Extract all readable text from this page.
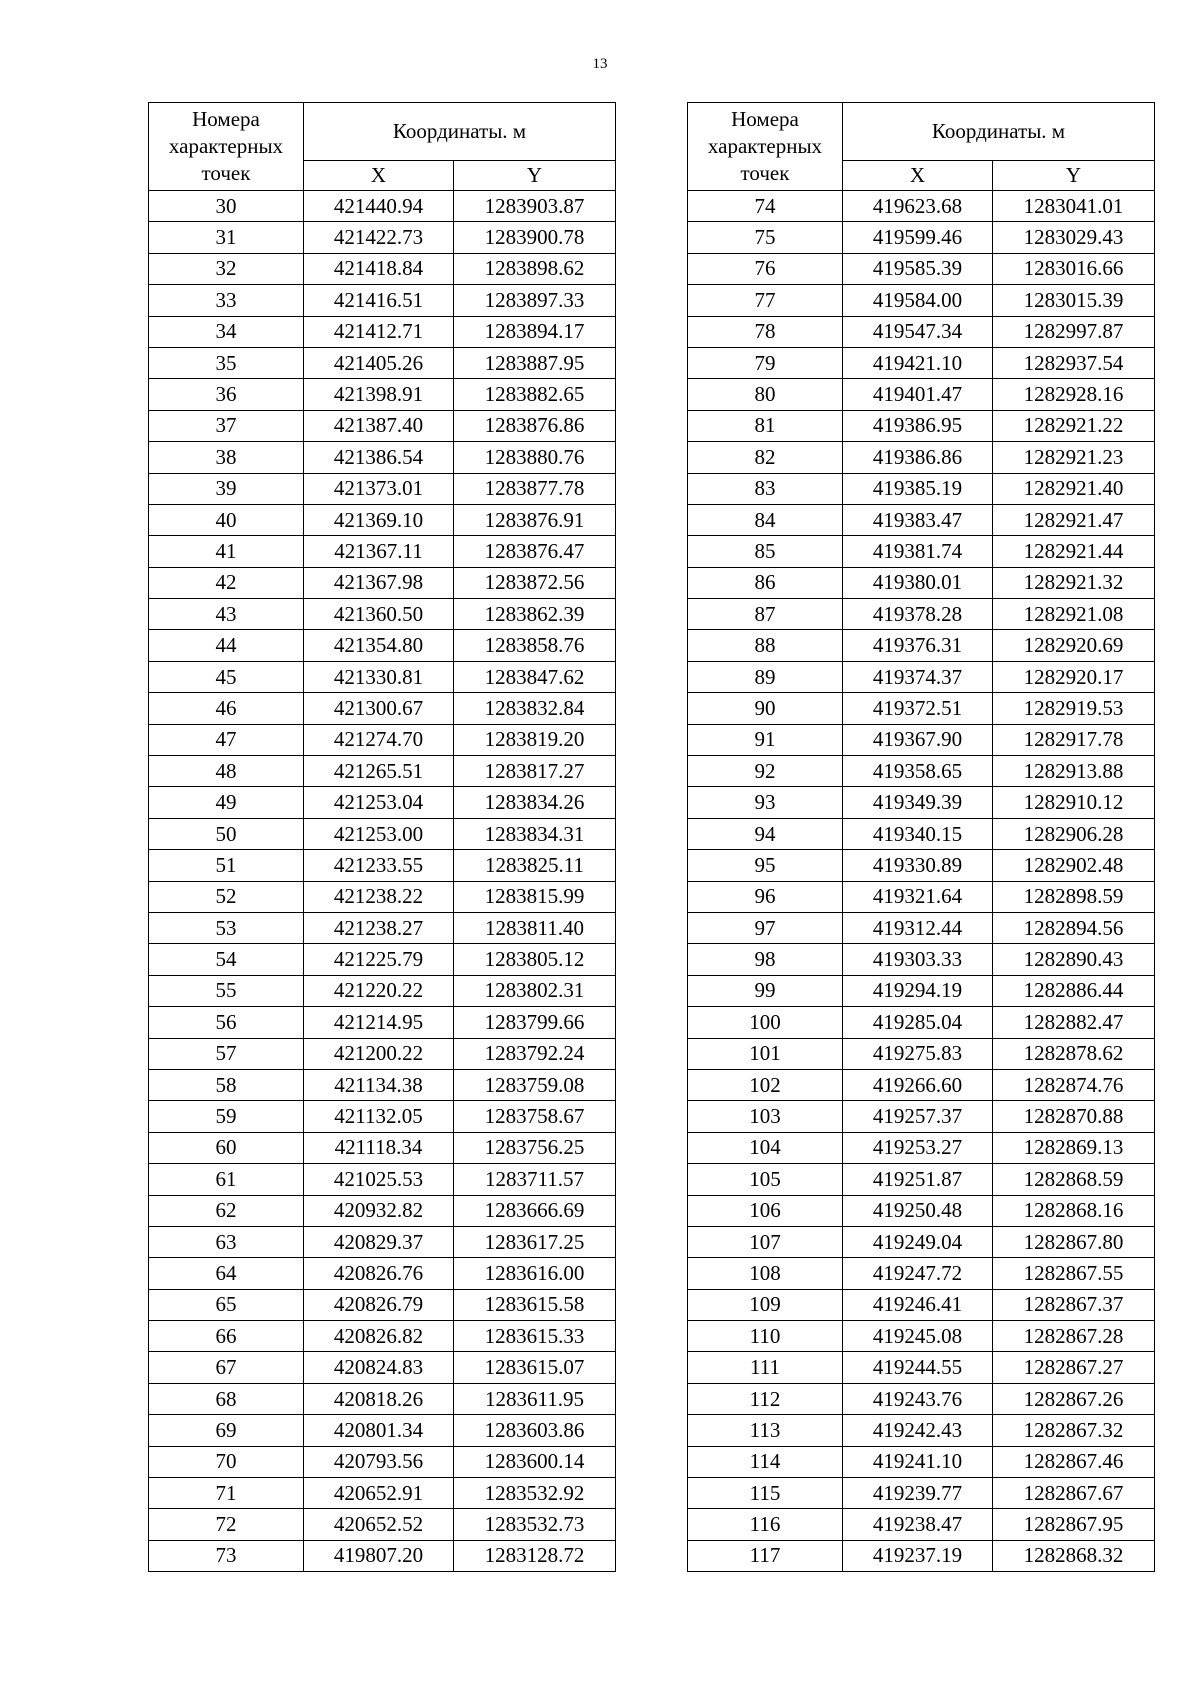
13
Номера характерных точек	Координаты. м	
	X	Y
30	421440.94	1283903.87
31	421422.73	1283900.78
32	421418.84	1283898.62
33	421416.51	1283897.33
34	421412.71	1283894.17
35	421405.26	1283887.95
36	421398.91	1283882.65
37	421387.40	1283876.86
38	421386.54	1283880.76
39	421373.01	1283877.78
40	421369.10	1283876.91
41	421367.11	1283876.47
42	421367.98	1283872.56
43	421360.50	1283862.39
44	421354.80	1283858.76
45	421330.81	1283847.62
46	421300.67	1283832.84
47	421274.70	1283819.20
48	421265.51	1283817.27
49	421253.04	1283834.26
50	421253.00	1283834.31
51	421233.55	1283825.11
52	421238.22	1283815.99
53	421238.27	1283811.40
54	421225.79	1283805.12
55	421220.22	1283802.31
56	421214.95	1283799.66
57	421200.22	1283792.24
58	421134.38	1283759.08
59	421132.05	1283758.67
60	421118.34	1283756.25
61	421025.53	1283711.57
62	420932.82	1283666.69
63	420829.37	1283617.25
64	420826.76	1283616.00
65	420826.79	1283615.58
66	420826.82	1283615.33
67	420824.83	1283615.07
68	420818.26	1283611.95
69	420801.34	1283603.86
70	420793.56	1283600.14
71	420652.91	1283532.92
72	420652.52	1283532.73
73	419807.20	1283128.72
Номера характерных точек	Координаты. м	
	X	Y
74	419623.68	1283041.01
75	419599.46	1283029.43
76	419585.39	1283016.66
77	419584.00	1283015.39
78	419547.34	1282997.87
79	419421.10	1282937.54
80	419401.47	1282928.16
81	419386.95	1282921.22
82	419386.86	1282921.23
83	419385.19	1282921.40
84	419383.47	1282921.47
85	419381.74	1282921.44
86	419380.01	1282921.32
87	419378.28	1282921.08
88	419376.31	1282920.69
89	419374.37	1282920.17
90	419372.51	1282919.53
91	419367.90	1282917.78
92	419358.65	1282913.88
93	419349.39	1282910.12
94	419340.15	1282906.28
95	419330.89	1282902.48
96	419321.64	1282898.59
97	419312.44	1282894.56
98	419303.33	1282890.43
99	419294.19	1282886.44
100	419285.04	1282882.47
101	419275.83	1282878.62
102	419266.60	1282874.76
103	419257.37	1282870.88
104	419253.27	1282869.13
105	419251.87	1282868.59
106	419250.48	1282868.16
107	419249.04	1282867.80
108	419247.72	1282867.55
109	419246.41	1282867.37
110	419245.08	1282867.28
111	419244.55	1282867.27
112	419243.76	1282867.26
113	419242.43	1282867.32
114	419241.10	1282867.46
115	419239.77	1282867.67
116	419238.47	1282867.95
117	419237.19	1282868.32
